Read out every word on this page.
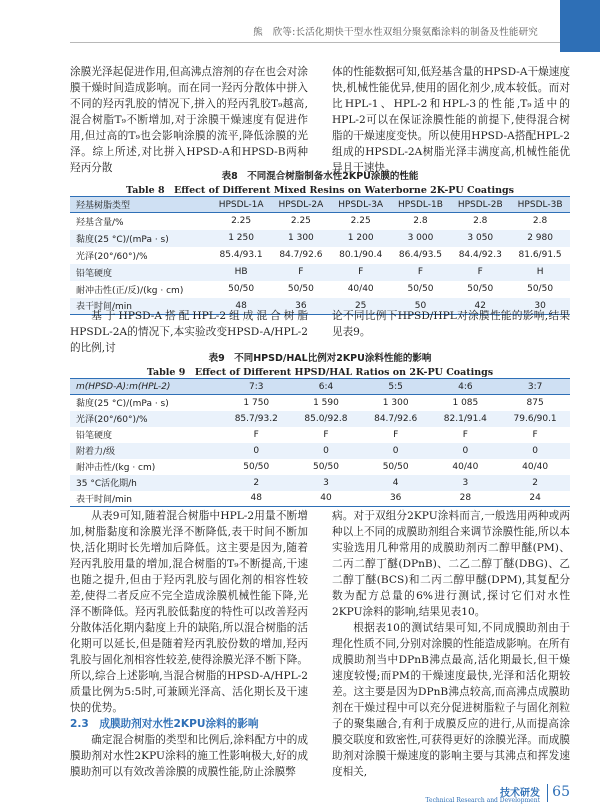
熊　欣等:长活化期快干型水性双组分聚氨酯涂料的制备及性能研究

涂膜光泽起促进作用,但高沸点溶剂的存在也会对涂膜干燥时间造成影响。而在同一羟丙分散体中拼入不同的羟丙乳胶的情况下,拼入的羟丙乳胶T₉越高,混合树脂T₉不断增加,对于涂膜干燥速度有促进作用,但过高的T₉也会影响涂膜的流平,降低涂膜的光泽。综上所述,对比拼入HPSD-A和HPSD-B两种羟丙分散

体的性能数据可知,低羟基含量的HPSD-A干燥速度快,机械性能优异,使用的固化剂少,成本较低。而对比HPL-1、HPL-2和HPL-3的性能,T₉适中的HPL-2可以在保证涂膜性能的前提下,使得混合树脂的干燥速度变快。所以使用HPSD-A搭配HPL-2组成的HPSDL-2A树脂光泽丰满度高,机械性能优异且干速快。

表8　不同混合树脂制备水性2KPU涂膜的性能
Table 8　Effect of Different Mixed Resins on Waterborne 2K-PU Coatings
羟基树脂类型	HPSDL-1A	HPSDL-2A	HPSDL-3A	HPSDL-1B	HPSDL-2B	HPSDL-3B
羟基含量/%	2.25	2.25	2.25	2.8	2.8	2.8
黏度(25 °C)/(mPa · s)	1 250	1 300	1 200	3 000	3 050	2 980
光泽(20°/60°)/%	85.4/93.1	84.7/92.6	80.1/90.4	86.4/93.5	84.4/92.3	81.6/91.5
铅笔硬度	HB	F	F	F	F	H
耐冲击性(正/反)/(kg · cm)	50/50	50/50	40/40	50/50	50/50	50/50
表干时间/min	48	36	25	50	42	30

基于HPSD-A搭配HPL-2组成混合树脂HPSDL-2A的情况下,本实验改变HPSD-A/HPL-2的比例,讨

论不同比例下HPSD/HPL对涂膜性能的影响,结果见表9。

表9　不同HPSD/HAL比例对2KPU涂料性能的影响
Table 9　Effect of Different HPSD/HAL Ratios on 2K-PU Coatings
m(HPSD-A):m(HPL-2)	7:3	6:4	5:5	4:6	3:7
黏度(25 °C)/(mPa · s)	1 750	1 590	1 300	1 085	875
光泽(20°/60°)/%	85.7/93.2	85.0/92.8	84.7/92.6	82.1/91.4	79.6/90.1
铅笔硬度	F	F	F	F	F
附着力/级	0	0	0	0	0
耐冲击性/(kg · cm)	50/50	50/50	50/50	40/40	40/40
35 °C活化期/h	2	3	4	3	2
表干时间/min	48	40	36	28	24

从表9可知,随着混合树脂中HPL-2用量不断增加,树脂黏度和涂膜光泽不断降低,表干时间不断加快,活化期时长先增加后降低。这主要是因为,随着羟丙乳胶用量的增加,混合树脂的T₉不断提高,干速也随之提升,但由于羟丙乳胶与固化剂的相容性较差,使得二者反应不完全造成涂膜机械性能下降,光泽不断降低。羟丙乳胶低黏度的特性可以改善羟丙分散体活化期内黏度上升的缺陷,所以混合树脂的活化期可以延长,但是随着羟丙乳胶份数的增加,羟丙乳胶与固化剂相容性较差,使得涂膜光泽不断下降。所以,综合上述影响,当混合树脂的HPSD-A/HPL-2质量比例为5:5时,可兼顾光泽高、活化期长及干速快的优势。

2.3　成膜助剂对水性2KPU涂料的影响

确定混合树脂的类型和比例后,涂料配方中的成膜助剂对水性2KPU涂料的施工性影响极大,好的成膜助剂可以有效改善涂膜的成膜性能,防止涂膜弊

病。对于双组分2KPU涂料而言,一般选用两种或两种以上不同的成膜助剂组合来调节涂膜性能,所以本实验选用几种常用的成膜助剂丙二醇甲醚(PM)、二丙二醇丁醚(DPnB)、二乙二醇丁醚(DBG)、乙二醇丁醚(BCS)和二丙二醇甲醚(DPM),其复配分数为配方总量的6%进行测试,探讨它们对水性2KPU涂料的影响,结果见表10。

根据表10的测试结果可知,不同成膜助剂由于理化性质不同,分别对涂膜的性能造成影响。在所有成膜助剂当中DPnB沸点最高,活化期最长,但干燥速度较慢;而PM的干燥速度最快,光泽和活化期较差。这主要是因为DPnB沸点较高,而高沸点成膜助剂在干燥过程中可以充分促进树脂粒子与固化剂粒子的聚集融合,有利于成膜反应的进行,从而提高涂膜交联度和致密性,可获得更好的涂膜光泽。而成膜助剂对涂膜干燥速度的影响主要与其沸点和挥发速度相关,

技术研发
Technical Research and Development
65
